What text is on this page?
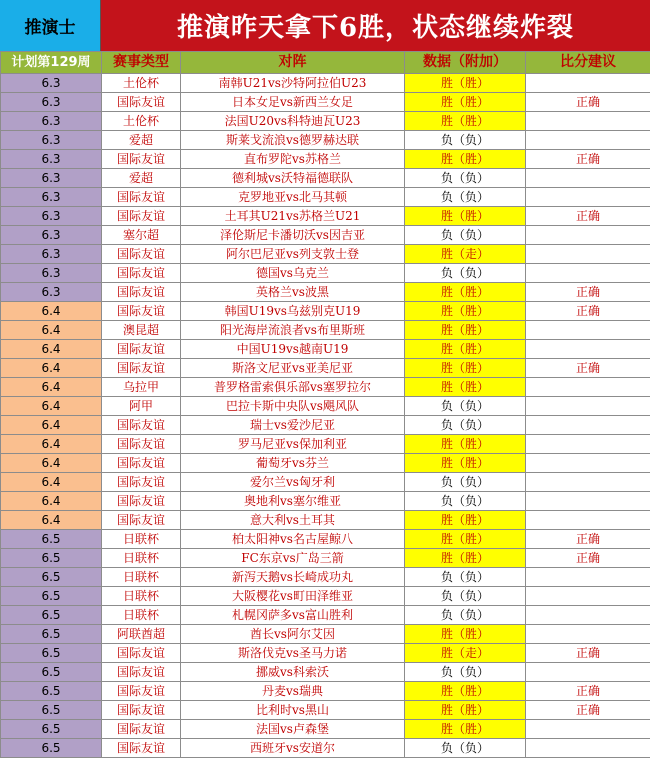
推演士	推演昨天拿下6胜，状态继续炸裂
计划第129周	赛事类型	对阵	数据（附加）	比分建议
6.3	土伦杯	南韩U21vs沙特阿拉伯U23	胜（胜）	
6.3	国际友谊	日本女足vs新西兰女足	胜（胜）	正确
6.3	土伦杯	法国U20vs科特迪瓦U23	胜（胜）	
6.3	爱超	斯莱戈流浪vs德罗赫达联	负（负）	
6.3	国际友谊	直布罗陀vs苏格兰	胜（胜）	正确
6.3	爱超	德利城vs沃特福德联队	负（负）	
6.3	国际友谊	克罗地亚vs北马其顿	负（负）	
6.3	国际友谊	土耳其U21vs苏格兰U21	胜（胜）	正确
6.3	塞尔超	泽伦斯尼卡潘切沃vs因吉亚	负（负）	
6.3	国际友谊	阿尔巴尼亚vs列支敦士登	胜（走）	
6.3	国际友谊	德国vs乌克兰	负（负）	
6.3	国际友谊	英格兰vs波黑	胜（胜）	正确
6.4	国际友谊	韩国U19vs乌兹别克U19	胜（胜）	正确
6.4	澳昆超	阳光海岸流浪者vs布里斯班	胜（胜）	
6.4	国际友谊	中国U19vs越南U19	胜（胜）	
6.4	国际友谊	斯洛文尼亚vs亚美尼亚	胜（胜）	正确
6.4	乌拉甲	普罗格雷索俱乐部vs塞罗拉尔	胜（胜）	
6.4	阿甲	巴拉卡斯中央队vs飓风队	负（负）	
6.4	国际友谊	瑞士vs爱沙尼亚	负（负）	
6.4	国际友谊	罗马尼亚vs保加利亚	胜（胜）	
6.4	国际友谊	葡萄牙vs芬兰	胜（胜）	
6.4	国际友谊	爱尔兰vs匈牙利	负（负）	
6.4	国际友谊	奥地利vs塞尔维亚	负（负）	
6.4	国际友谊	意大利vs土耳其	胜（胜）	
6.5	日联杯	柏太阳神vs名古屋鲸八	胜（胜）	正确
6.5	日联杯	FC东京vs广岛三箭	胜（胜）	正确
6.5	日联杯	新泻天鹅vs长崎成功丸	负（负）	
6.5	日联杯	大阪樱花vs町田泽维亚	负（负）	
6.5	日联杯	札幌冈萨多vs富山胜利	负（负）	
6.5	阿联酋超	酋长vs阿尔艾因	胜（胜）	
6.5	国际友谊	斯洛伐克vs圣马力诺	胜（走）	正确
6.5	国际友谊	挪威vs科索沃	负（负）	
6.5	国际友谊	丹麦vs瑞典	胜（胜）	正确
6.5	国际友谊	比利时vs黑山	胜（胜）	正确
6.5	国际友谊	法国vs卢森堡	胜（胜）	
6.5	国际友谊	西班牙vs安道尔	负（负）	
